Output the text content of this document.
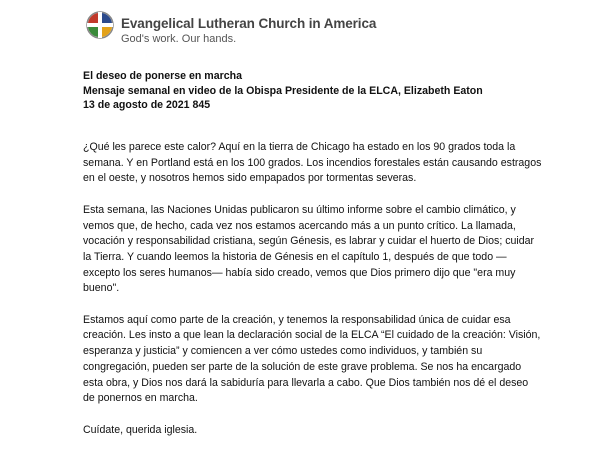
Evangelical Lutheran Church in America
God's work. Our hands.
El deseo de ponerse en marcha
Mensaje semanal en video de la Obispa Presidente de la ELCA, Elizabeth Eaton
13 de agosto de 2021 845

¿Qué les parece este calor? Aquí en la tierra de Chicago ha estado en los 90 grados toda la
semana. Y en Portland está en los 100 grados. Los incendios forestales están causando estragos
en el oeste, y nosotros hemos sido empapados por tormentas severas.

Esta semana, las Naciones Unidas publicaron su último informe sobre el cambio climático, y
vemos que, de hecho, cada vez nos estamos acercando más a un punto crítico. La llamada,
vocación y responsabilidad cristiana, según Génesis, es labrar y cuidar el huerto de Dios; cuidar
la Tierra. Y cuando leemos la historia de Génesis en el capítulo 1, después de que todo —
excepto los seres humanos— había sido creado, vemos que Dios primero dijo que "era muy
bueno".

Estamos aquí como parte de la creación, y tenemos la responsabilidad única de cuidar esa
creación. Les insto a que lean la declaración social de la ELCA “El cuidado de la creación: Visión,
esperanza y justicia” y comiencen a ver cómo ustedes como individuos, y también su
congregación, pueden ser parte de la solución de este grave problema. Se nos ha encargado
esta obra, y Dios nos dará la sabiduría para llevarla a cabo. Que Dios también nos dé el deseo
de ponernos en marcha.

Cuídate, querida iglesia.
